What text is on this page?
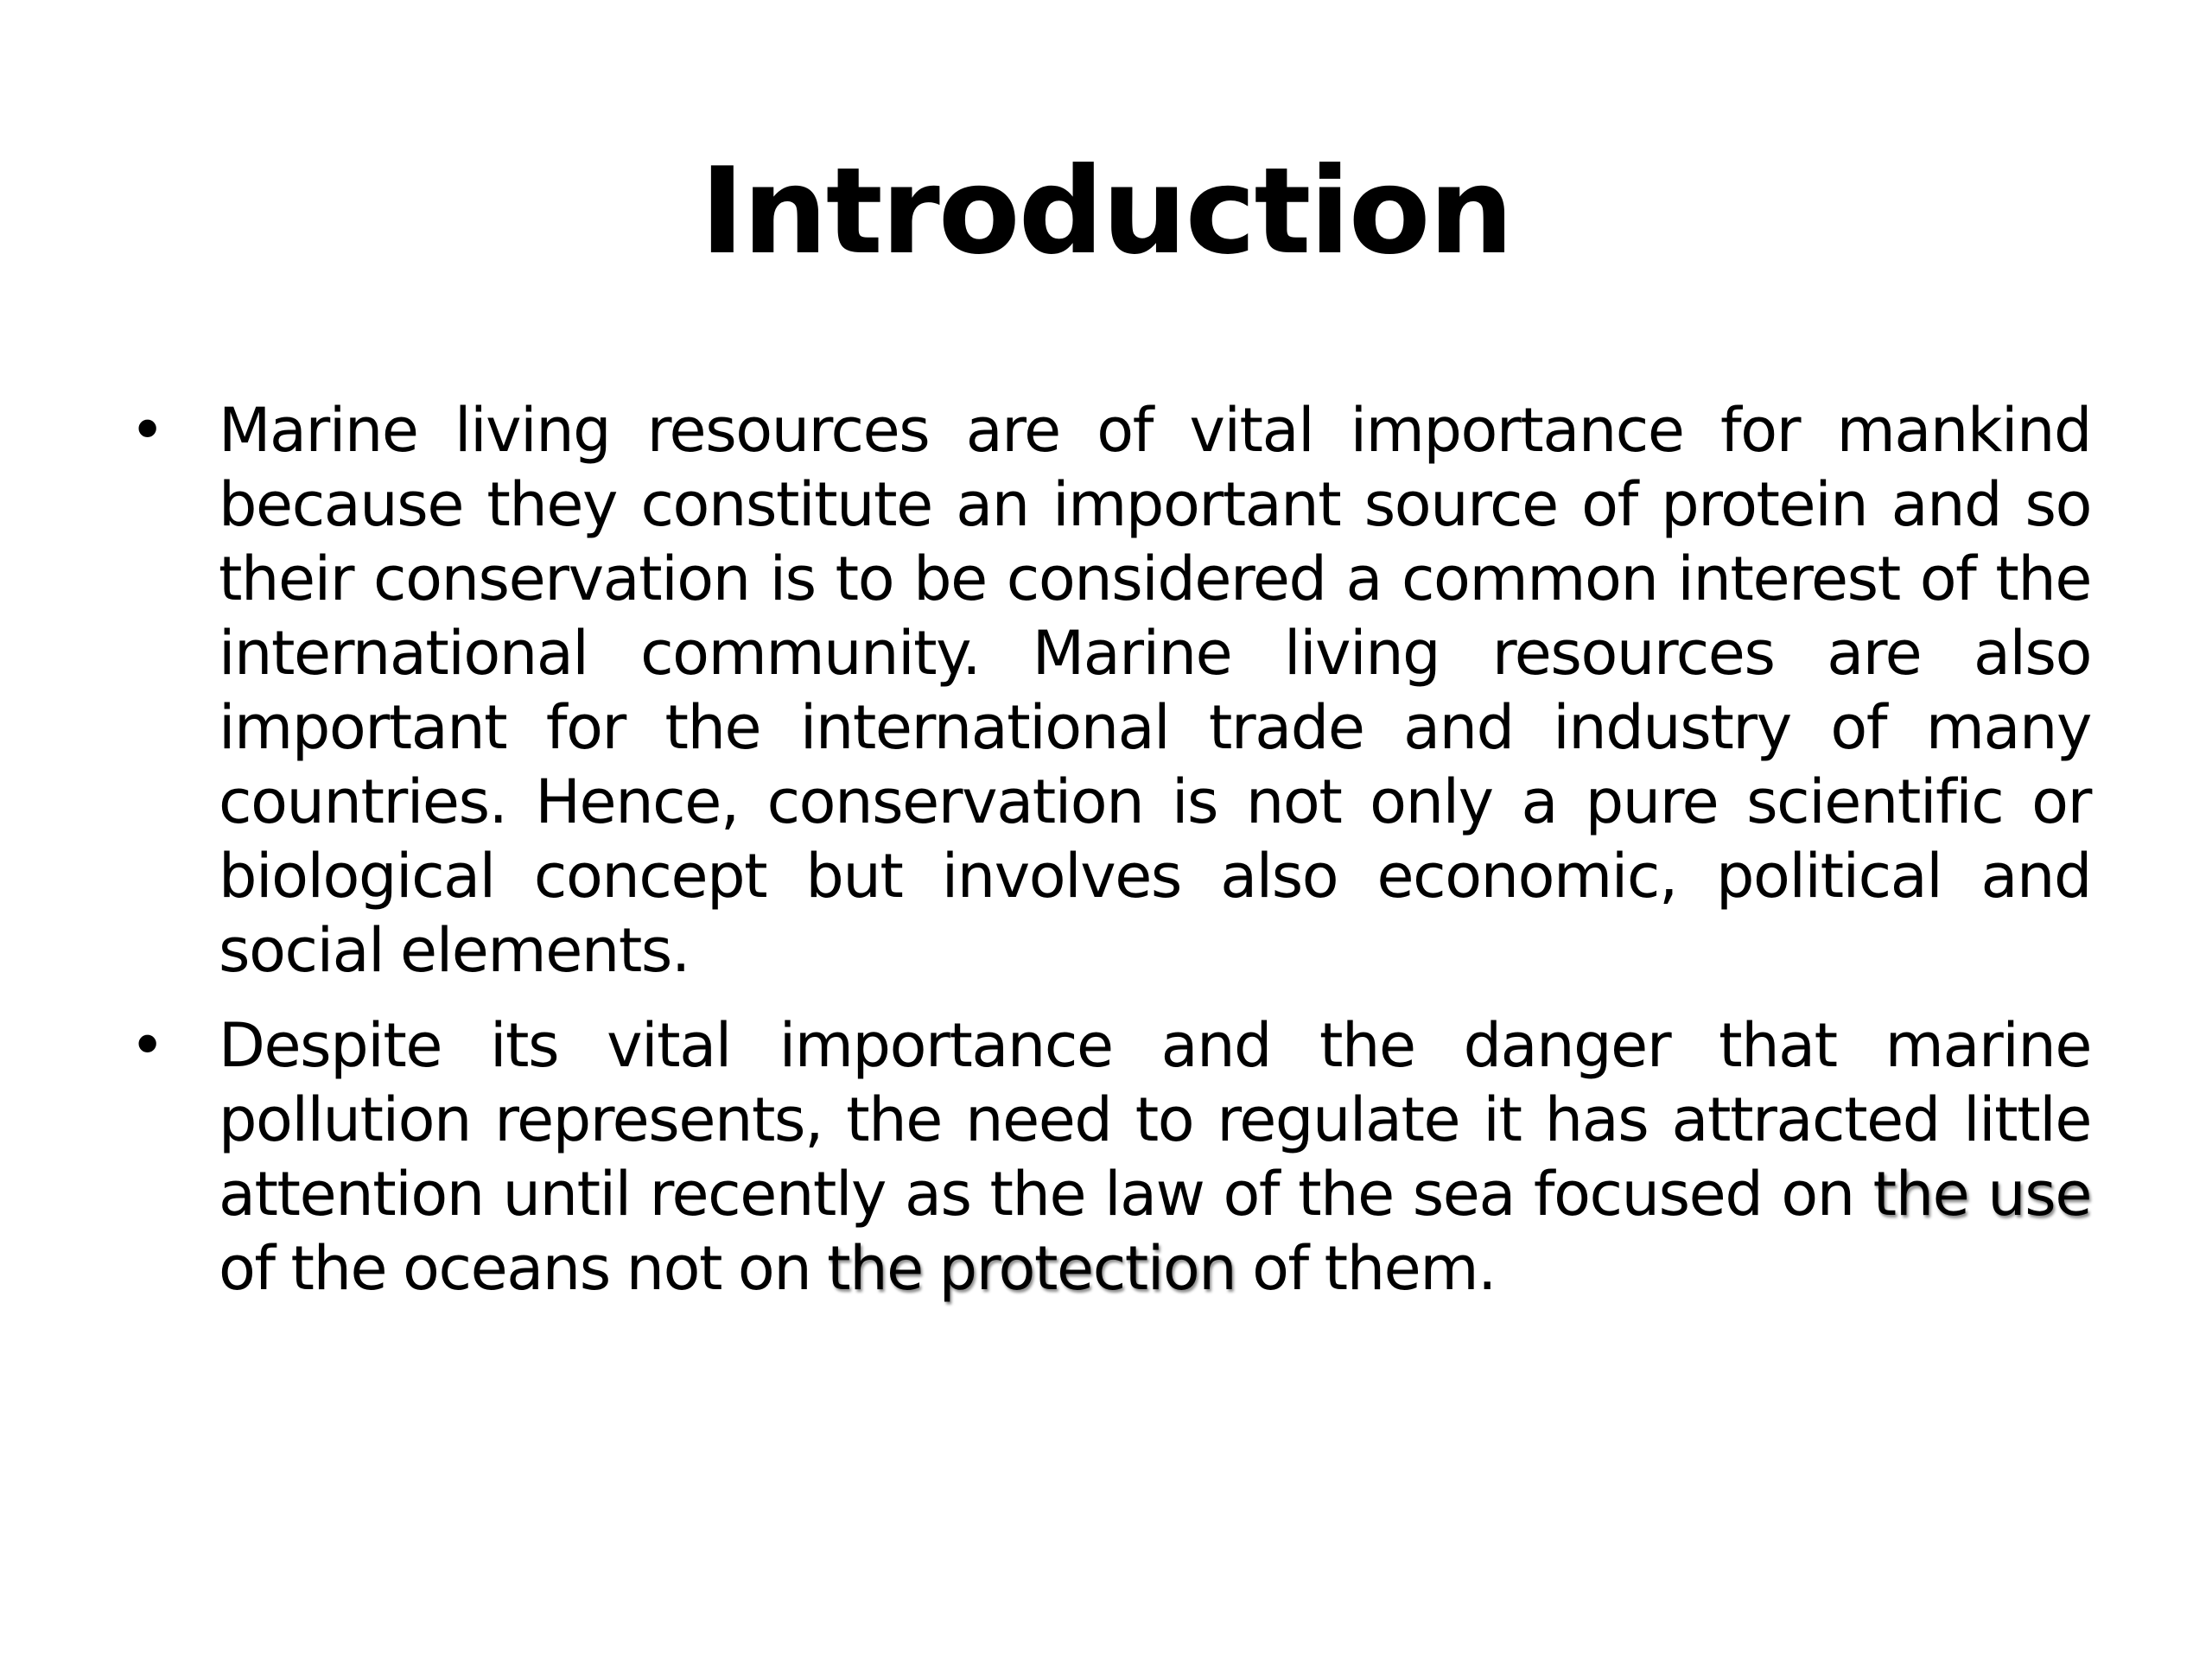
Introduction
• Marine living resources are of vital importance for mankind because they constitute an important source of protein and so their conservation is to be considered a common interest of the international community. Marine living resources are also important for the international trade and industry of many countries. Hence, conservation is not only a pure scientific or biological concept but involves also economic, political and social elements.
• Despite its vital importance and the danger that marine pollution represents, the need to regulate it has attracted little attention until recently as the law of the sea focused on the use of the oceans not on the protection of them.
